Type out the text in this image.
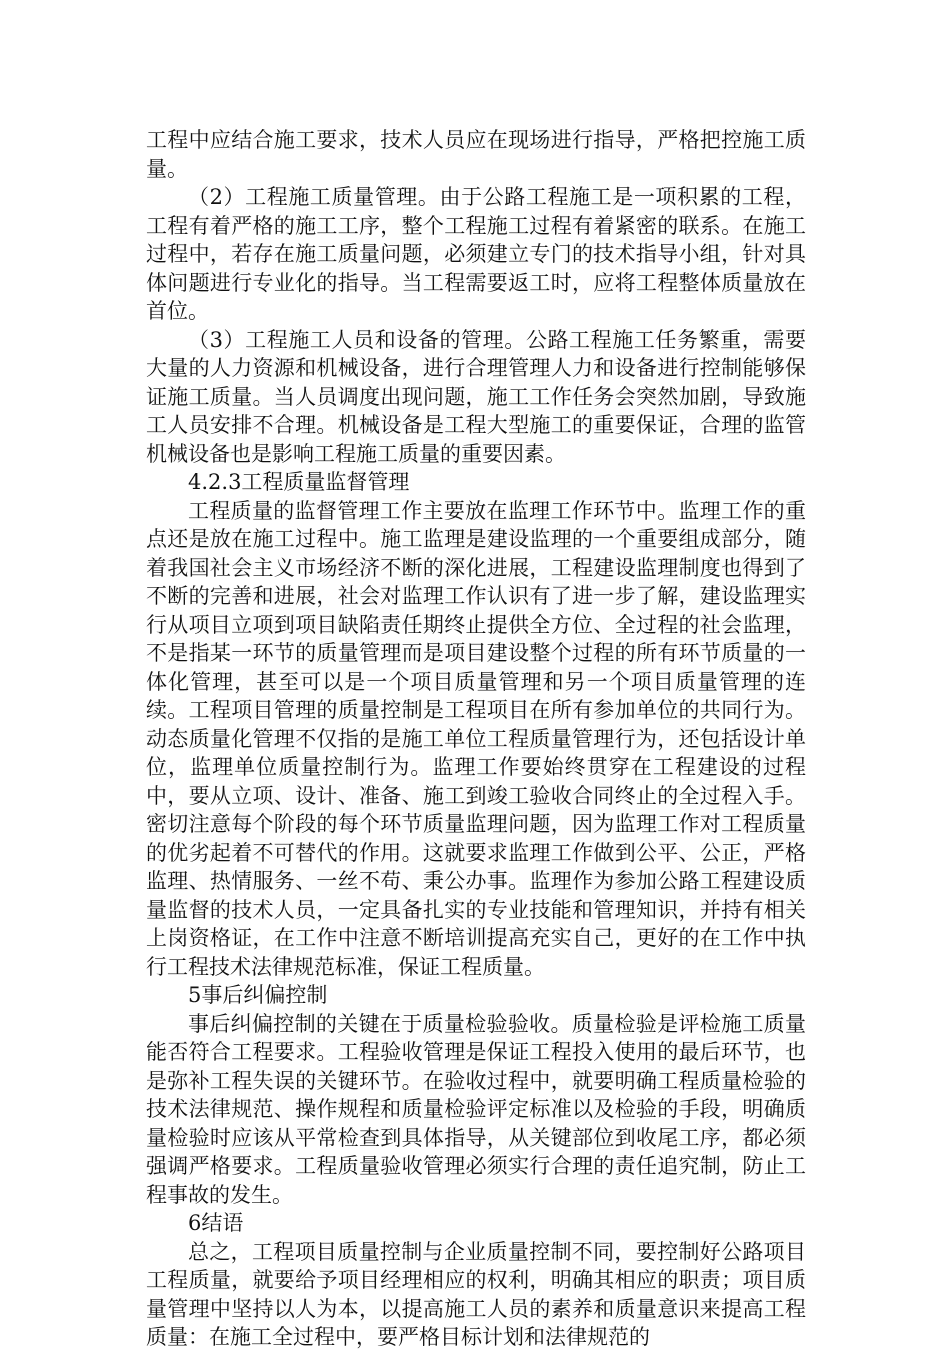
工程中应结合施工要求，技术人员应在现场进行指导，严格把控施工质量。

（2）工程施工质量管理。由于公路工程施工是一项积累的工程，工程有着严格的施工工序，整个工程施工过程有着紧密的联系。在施工过程中，若存在施工质量问题，必须建立专门的技术指导小组，针对具体问题进行专业化的指导。当工程需要返工时，应将工程整体质量放在首位。

（3）工程施工人员和设备的管理。公路工程施工任务繁重，需要大量的人力资源和机械设备，进行合理管理人力和设备进行控制能够保证施工质量。当人员调度出现问题，施工工作任务会突然加剧，导致施工人员安排不合理。机械设备是工程大型施工的重要保证，合理的监管机械设备也是影响工程施工质量的重要因素。

4.2.3工程质量监督管理

工程质量的监督管理工作主要放在监理工作环节中。监理工作的重点还是放在施工过程中。施工监理是建设监理的一个重要组成部分，随着我国社会主义市场经济不断的深化进展，工程建设监理制度也得到了不断的完善和进展，社会对监理工作认识有了进一步了解，建设监理实行从项目立项到项目缺陷责任期终止提供全方位、全过程的社会监理，不是指某一环节的质量管理而是项目建设整个过程的所有环节质量的一体化管理，甚至可以是一个项目质量管理和另一个项目质量管理的连续。工程项目管理的质量控制是工程项目在所有参加单位的共同行为。动态质量化管理不仅指的是施工单位工程质量管理行为，还包括设计单位，监理单位质量控制行为。监理工作要始终贯穿在工程建设的过程中，要从立项、设计、准备、施工到竣工验收合同终止的全过程入手。密切注意每个阶段的每个环节质量监理问题，因为监理工作对工程质量的优劣起着不可替代的作用。这就要求监理工作做到公平、公正，严格监理、热情服务、一丝不苟、秉公办事。监理作为参加公路工程建设质量监督的技术人员，一定具备扎实的专业技能和管理知识，并持有相关上岗资格证，在工作中注意不断培训提高充实自己，更好的在工作中执行工程技术法律规范标准，保证工程质量。

5事后纠偏控制

事后纠偏控制的关键在于质量检验验收。质量检验是评检施工质量能否符合工程要求。工程验收管理是保证工程投入使用的最后环节，也是弥补工程失误的关键环节。在验收过程中，就要明确工程质量检验的技术法律规范、操作规程和质量检验评定标准以及检验的手段，明确质量检验时应该从平常检查到具体指导，从关键部位到收尾工序，都必须强调严格要求。工程质量验收管理必须实行合理的责任追究制，防止工程事故的发生。

6结语

总之，工程项目质量控制与企业质量控制不同，要控制好公路项目工程质量，就要给予项目经理相应的权利，明确其相应的职责；项目质量管理中坚持以人为本，以提高施工人员的素养和质量意识来提高工程质量：在施工全过程中，要严格目标计划和法律规范的
